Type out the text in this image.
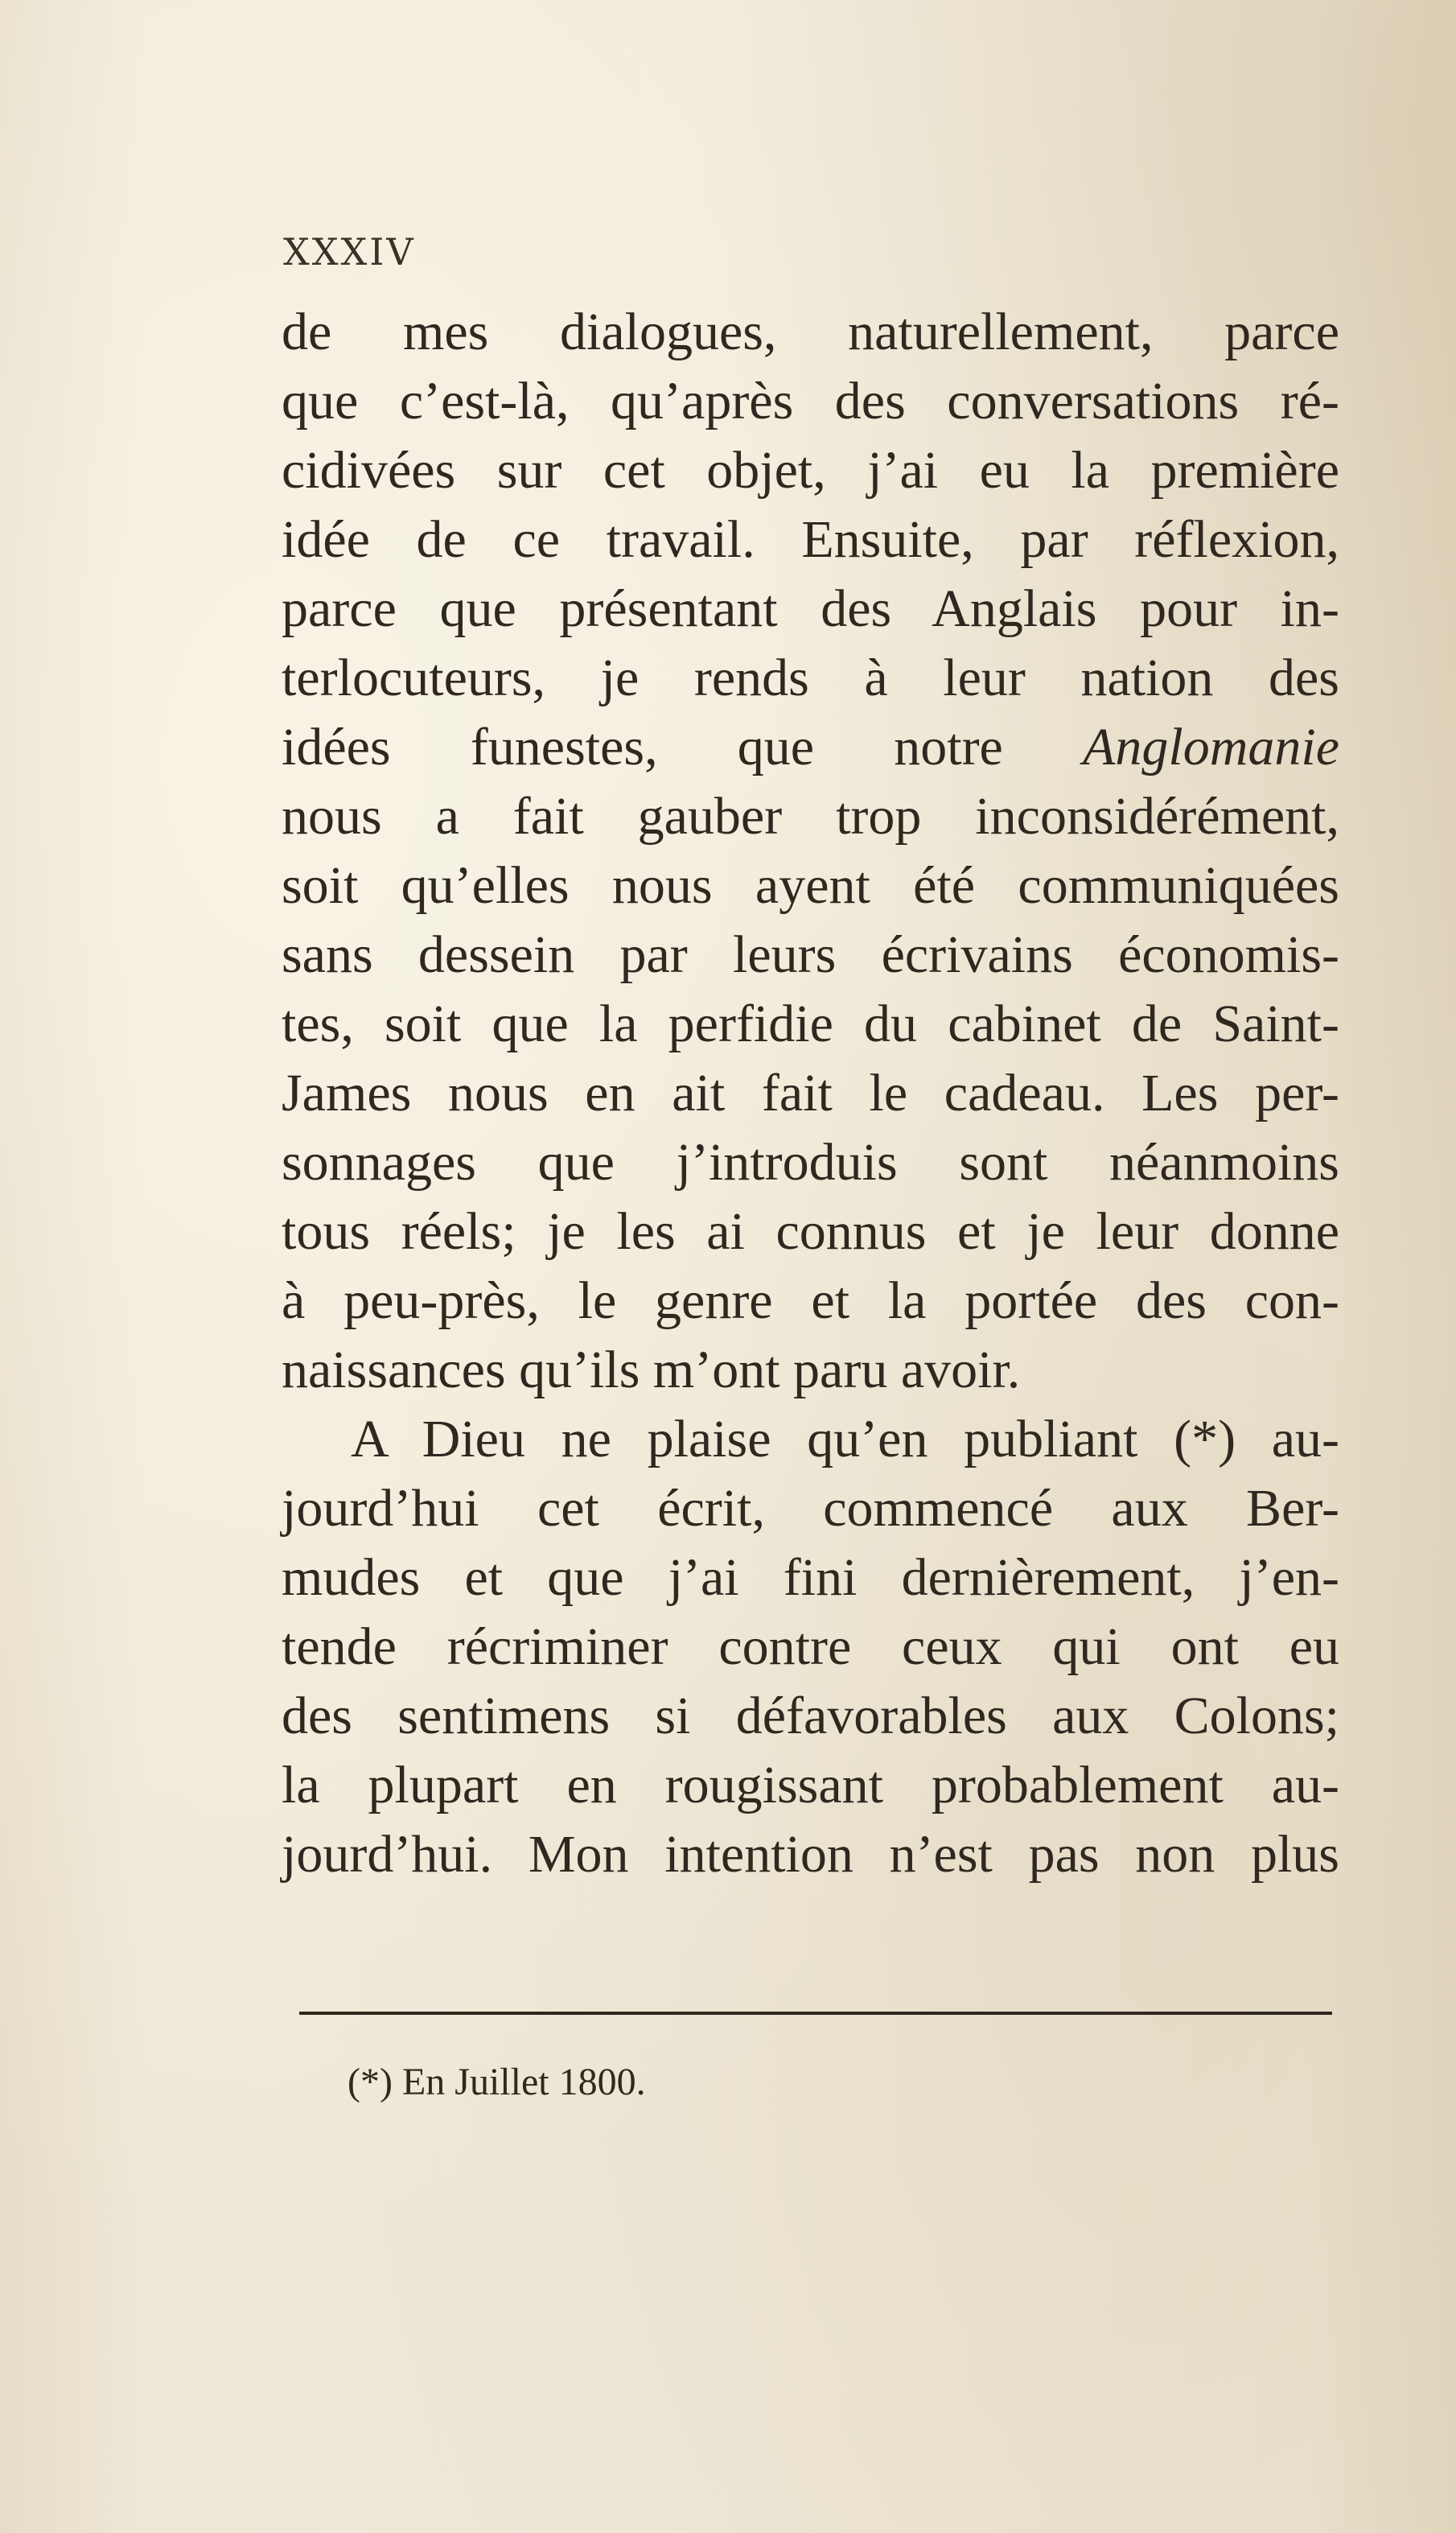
XXXIV
de mes dialogues, naturellement, parce
que c’est-là, qu’après des conversations ré-
cidivées sur cet objet, j’ai eu la première
idée de ce travail. Ensuite, par réflexion,
parce que présentant des Anglais pour in-
terlocuteurs, je rends à leur nation des
idées funestes, que notre Anglomanie
nous a fait gauber trop inconsidérément,
soit qu’elles nous ayent été communiquées
sans dessein par leurs écrivains économis-
tes, soit que la perfidie du cabinet de Saint-
James nous en ait fait le cadeau. Les per-
sonnages que j’introduis sont néanmoins
tous réels; je les ai connus et je leur donne
à peu-près, le genre et la portée des con-
naissances qu’ils m’ont paru avoir.
A Dieu ne plaise qu’en publiant (*) au-
jourd’hui cet écrit, commencé aux Ber-
mudes et que j’ai fini dernièrement, j’en-
tende récriminer contre ceux qui ont eu
des sentimens si défavorables aux Colons;
la plupart en rougissant probablement au-
jourd’hui. Mon intention n’est pas non plus
(*) En Juillet 1800.
